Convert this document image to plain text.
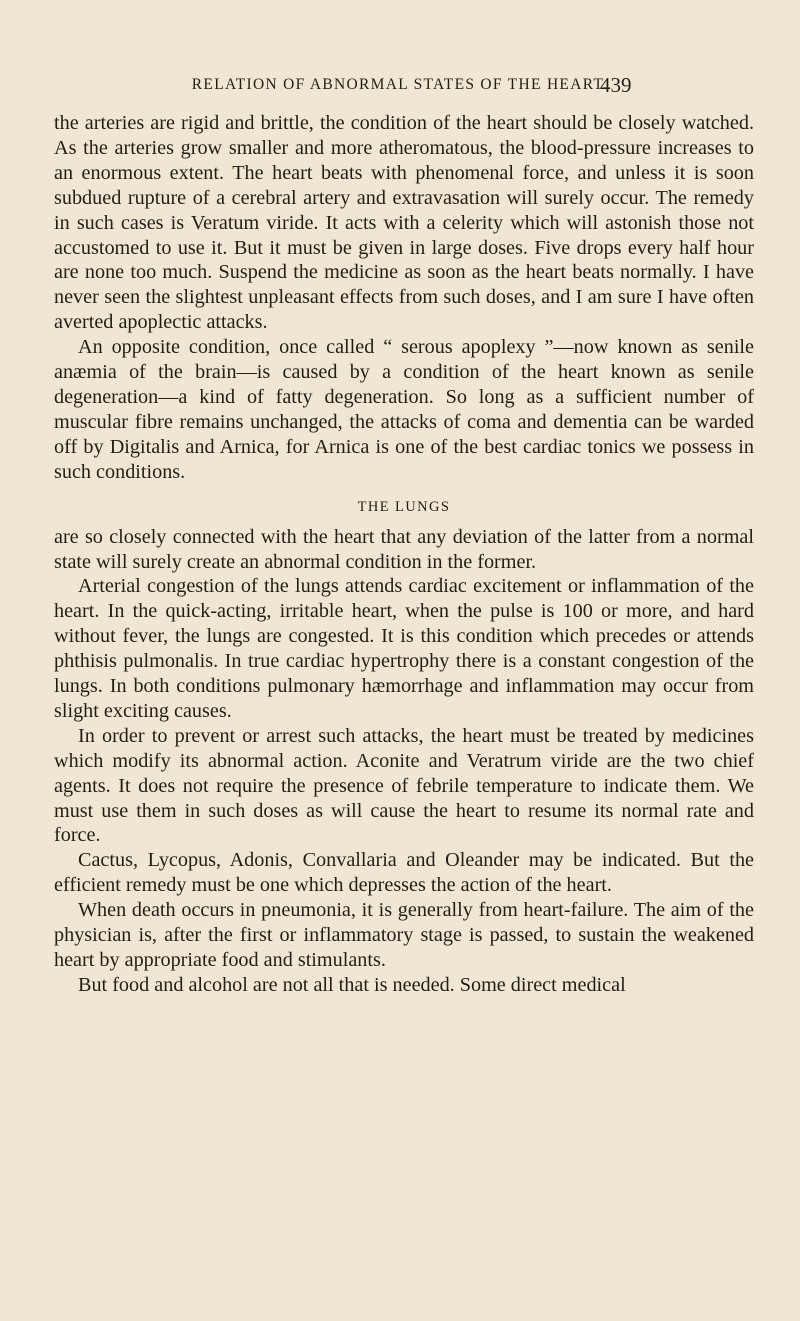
RELATION OF ABNORMAL STATES OF THE HEART.
439

the arteries are rigid and brittle, the condition of the heart should be closely watched. As the arteries grow smaller and more atheromatous, the blood-pressure increases to an enormous extent. The heart beats with phenomenal force, and unless it is soon subdued rupture of a cerebral artery and extravasation will surely occur. The remedy in such cases is Veratum viride. It acts with a celerity which will astonish those not accustomed to use it. But it must be given in large doses. Five drops every half hour are none too much. Suspend the medicine as soon as the heart beats normally. I have never seen the slightest unpleasant effects from such doses, and I am sure I have often averted apoplectic attacks.

An opposite condition, once called “ serous apoplexy ”—now known as senile anæmia of the brain—is caused by a condition of the heart known as senile degeneration—a kind of fatty degeneration. So long as a sufficient number of muscular fibre remains unchanged, the attacks of coma and dementia can be warded off by Digitalis and Arnica, for Arnica is one of the best cardiac tonics we possess in such conditions.

THE LUNGS

are so closely connected with the heart that any deviation of the latter from a normal state will surely create an abnormal condition in the former.

Arterial congestion of the lungs attends cardiac excitement or inflammation of the heart. In the quick-acting, irritable heart, when the pulse is 100 or more, and hard without fever, the lungs are congested. It is this condition which precedes or attends phthisis pulmonalis. In true cardiac hypertrophy there is a constant congestion of the lungs. In both conditions pulmonary hæmorrhage and inflammation may occur from slight exciting causes.

In order to prevent or arrest such attacks, the heart must be treated by medicines which modify its abnormal action. Aconite and Veratrum viride are the two chief agents. It does not require the presence of febrile temperature to indicate them. We must use them in such doses as will cause the heart to resume its normal rate and force.

Cactus, Lycopus, Adonis, Convallaria and Oleander may be indicated. But the efficient remedy must be one which depresses the action of the heart.

When death occurs in pneumonia, it is generally from heart-failure. The aim of the physician is, after the first or inflammatory stage is passed, to sustain the weakened heart by appropriate food and stimulants.

But food and alcohol are not all that is needed. Some direct medical
